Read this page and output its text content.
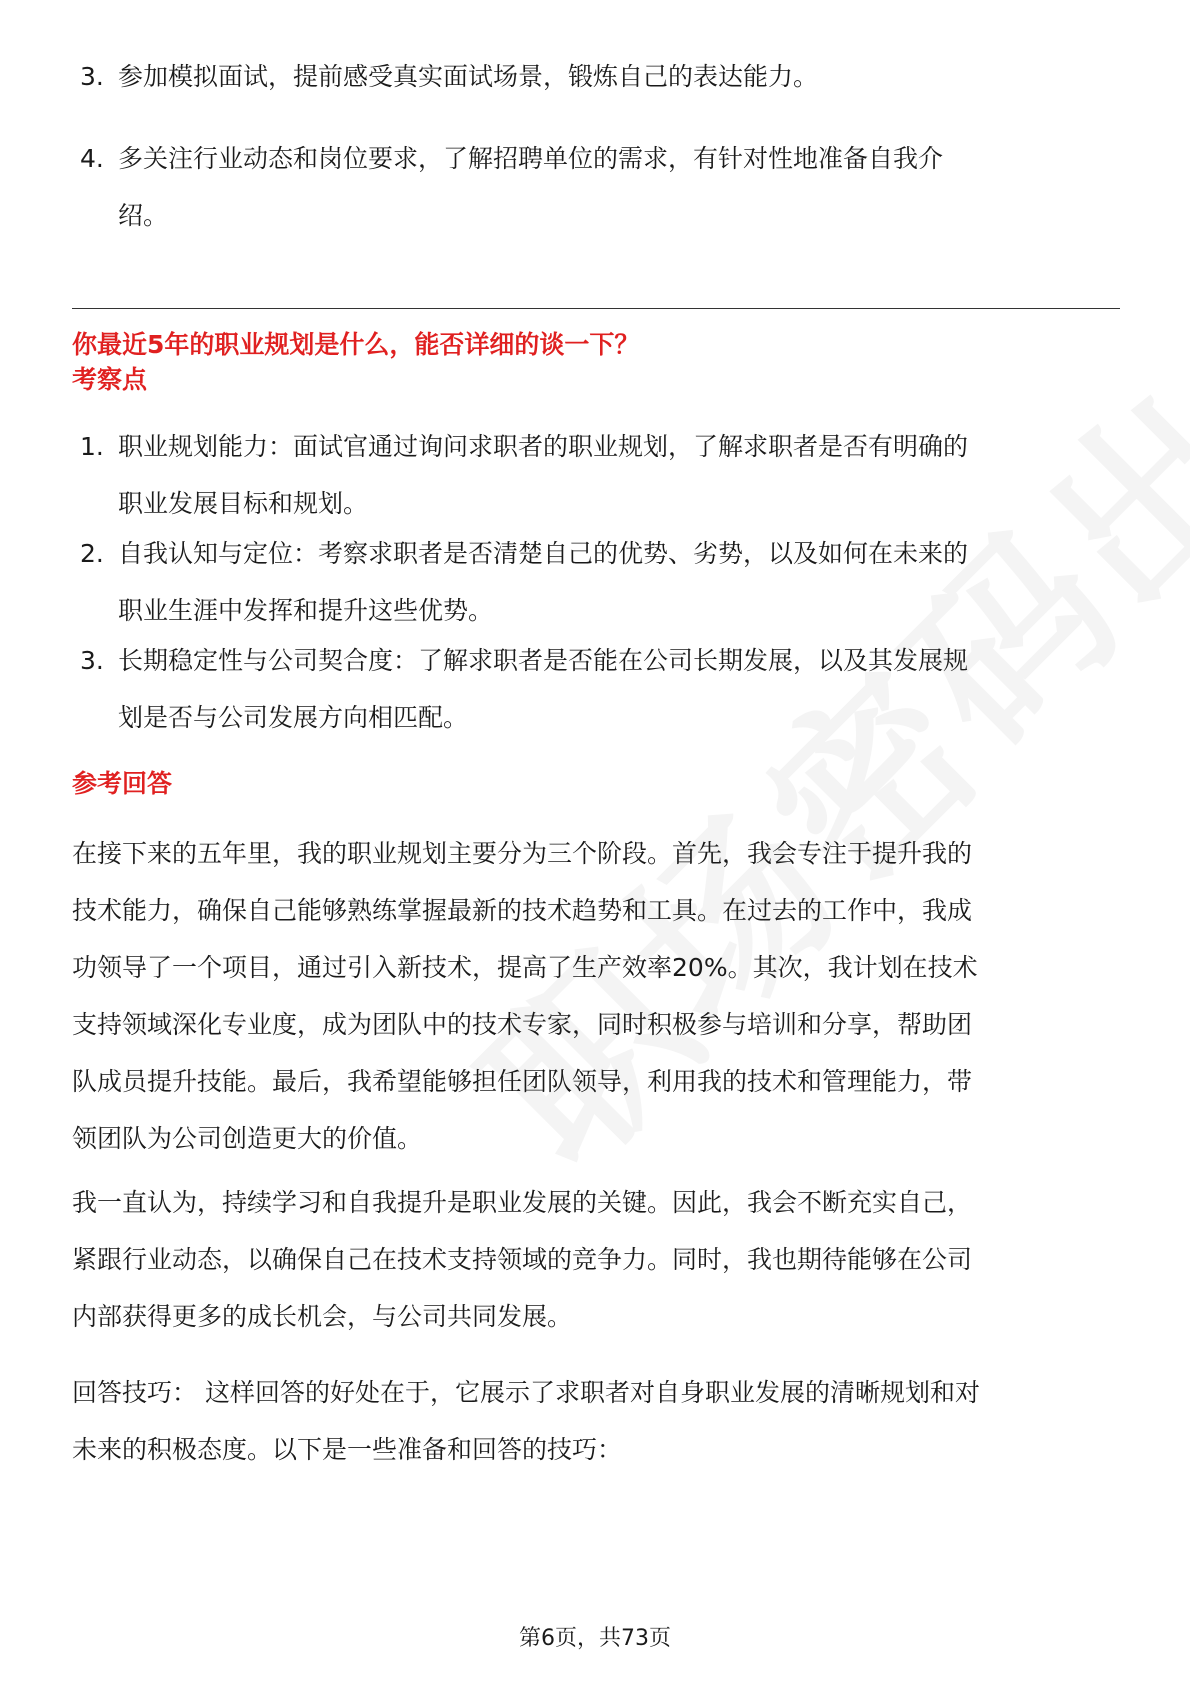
3. 参加模拟面试，提前感受真实面试场景，锻炼自己的表达能力。
4. 多关注行业动态和岗位要求，了解招聘单位的需求，有针对性地准备自我介
绍。
你最近5年的职业规划是什么，能否详细的谈一下？
考察点
1. 职业规划能力：面试官通过询问求职者的职业规划，了解求职者是否有明确的
职业发展目标和规划。
2. 自我认知与定位：考察求职者是否清楚自己的优势、劣势，以及如何在未来的
职业生涯中发挥和提升这些优势。
3. 长期稳定性与公司契合度：了解求职者是否能在公司长期发展，以及其发展规
划是否与公司发展方向相匹配。
参考回答
在接下来的五年里，我的职业规划主要分为三个阶段。首先，我会专注于提升我的
技术能力，确保自己能够熟练掌握最新的技术趋势和工具。在过去的工作中，我成
功领导了一个项目，通过引入新技术，提高了生产效率20%。其次，我计划在技术
支持领域深化专业度，成为团队中的技术专家，同时积极参与培训和分享，帮助团
队成员提升技能。最后，我希望能够担任团队领导，利用我的技术和管理能力，带
领团队为公司创造更大的价值。
我一直认为，持续学习和自我提升是职业发展的关键。因此，我会不断充实自己，
紧跟行业动态，以确保自己在技术支持领域的竞争力。同时，我也期待能够在公司
内部获得更多的成长机会，与公司共同发展。
回答技巧： 这样回答的好处在于，它展示了求职者对自身职业发展的清晰规划和对
未来的积极态度。以下是一些准备和回答的技巧：
第6页，共73页
